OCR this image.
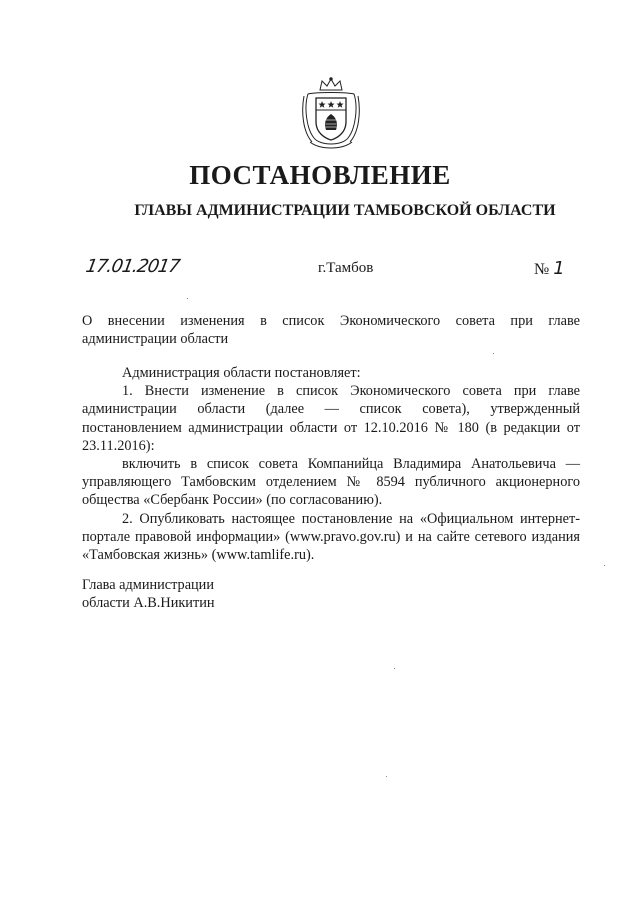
ПОСТАНОВЛЕНИЕ
ГЛАВЫ АДМИНИСТРАЦИИ ТАМБОВСКОЙ ОБЛАСТИ
17.01.2017	г.Тамбов	№ 1
О внесении изменения в список Экономического совета при главе администрации области

Администрация области постановляет:

1. Внести изменение в список Экономического совета при главе администрации области (далее — список совета), утвержденный постановлением администрации области от 12.10.2016 № 180 (в редакции от 23.11.2016):

включить в список совета Компанийца Владимира Анатольевича — управляющего Тамбовским отделением № 8594 публичного акционерного общества «Сбербанк России» (по согласованию).

2. Опубликовать настоящее постановление на «Официальном интернет-портале правовой информации» (www.pravo.gov.ru) и на сайте сетевого издания «Тамбовская жизнь» (www.tamlife.ru).

Глава администрации
области А.В.Никитин
